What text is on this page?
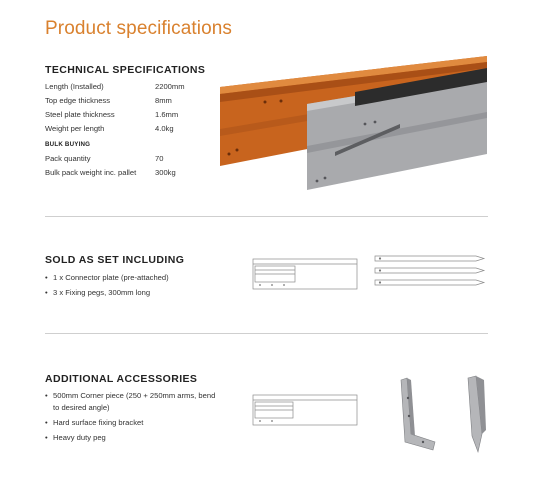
Product specifications
TECHNICAL SPECIFICATIONS
Length (Installed)	2200mm
Top edge thickness	8mm
Steel plate thickness	1.6mm
Weight per length	4.0kg
BULK BUYING
Pack quantity	70
Bulk pack weight inc. pallet 300kg
SOLD AS SET INCLUDING
• 1 x Connector plate (pre-attached)
• 3 x Fixing pegs, 300mm long
ADDITIONAL ACCESSORIES
• 500mm Corner piece (250 + 250mm arms, bend to desired angle)
• Hard surface fixing bracket
• Heavy duty peg
